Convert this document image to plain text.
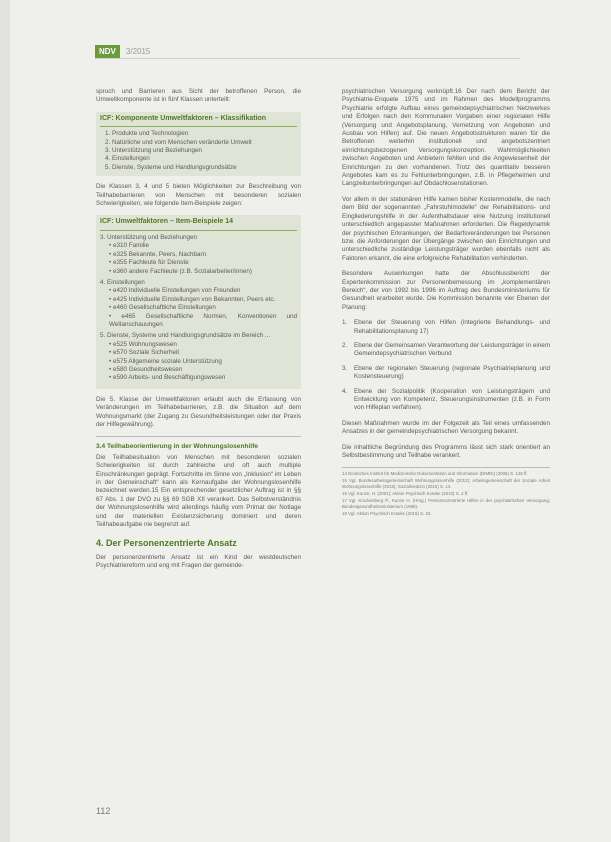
NDV	3/2015

spruch und Barrieren aus Sicht der betroffenen Person, die Umweltkomponente ist in fünf Klassen unterteilt:

ICF: Komponente Umweltfaktoren – Klassifikation
1. Produkte und Technologien
2. Natürliche und vom Menschen veränderte Umwelt
3. Unterstützung und Beziehungen
4. Einstellungen
5. Dienste, Systeme und Handlungsgrundsätze

Die Klassen 3, 4 und 5 bieten Möglichkeiten zur Beschreibung von Teilhabebarrieren von Menschen mit besonderen sozialen Schwierigkeiten, wie folgende Item-Beispiele zeigen:

ICF: Umweltfaktoren – Item-Beispiele 14
3. Unterstützung und Beziehungen
• e310 Familie
• e325 Bekannte, Peers, Nachbarn
• e355 Fachleute für Dienste
• e360 andere Fachleute (z.B. Sozialarbeiter/innen)
4. Einstellungen
• e420 Individuelle Einstellungen von Freunden
• e425 Individuelle Einstellungen von Bekannten, Peers etc.
• e460 Gesellschaftliche Einstellungen
• e465 Gesellschaftliche Normen, Konventionen und Weltanschauungen
5. Dienste, Systeme und Handlungsgrundsätze im Bereich ...
• e525 Wohnungswesen
• e570 Soziale Sicherheit
• e575 Allgemeine soziale Unterstützung
• e580 Gesundheitswesen
• e590 Arbeits- und Beschäftigungswesen

Die 5. Klasse der Umweltfaktoren erlaubt auch die Erfassung von Veränderungen im Teilhabebarrieren, z.B. die Situation auf dem Wohnungsmarkt (der Zugang zu Gesundheitsleistungen oder der Praxis der Hilfegewährung).

3.4 Teilhabeorientierung in der Wohnungslosenhilfe

Die Teilhabesituation von Menschen mit besonderen sozialen Schwierigkeiten ist durch zahlreiche und oft auch multiple Einschränkungen geprägt. Fortschritte im Sinne von „Inklusion“ im Leben in der Gemeinschaft“ kann als Kernaufgabe der Wohnungslosenhilfe bezeichnet werden.15 Ein entsprechender gesetzlicher Auftrag ist in §§ 67 Abs. 1 der DVO zu §§ 69 SGB XII verankert. Das Selbstverständnis der Wohnungslosenhilfe wird allerdings häufig vom Primat der Notlage und der materiellen Existenzsicherung dominiert und deren Teilhabeaufgabe nie begrenzt auf.

4. Der Personenzentrierte Ansatz

Der personenzentrierte Ansatz ist ein Kind der westdeutschen Psychiatriereform und eng mit Fragen der gemeinde-

psychiatrischen Versorgung verknüpft.16 Der nach dem Bericht der Psychiatrie-Enquete 1975 und im Rahmen des Modellprogramms Psychiatrie erfolgte Aufbau eines gemeindepsychiatrischen Netzwerkes und Erfolgen nach den Kommunalen Vorgaben einer regionalen Hilfe (Versorgung und Angebotsplanung, Vernetzung von Angeboten und Ausbau von Hilfen) auf. Die neuen Angebotsstrukturen waren für die Betroffenen weiterhin institutionell und angebotszentriert einrichtungsbezogenen Versorgungskonzeption. Wahlmöglichkeiten zwischen Angeboten und Anbietern fehlten und die Angewiesenheit der Einrichtungen zu den vorhandenen. Trotz des quantitativ besseren Angebotes kam es zu Fehlunterbringungen, z.B. in Pflegeheimen und Langzeitunterbringungen auf Obdachlosenstationen.

Vor allem in der stationären Hilfe kamen bisher Kostenmodelle, die nach dem Bild der sogenannten „Fahrstuhlmodelle“ der Rehabilitations- und Eingliederungshilfe in der Aufenthaltsdauer eine Nutzung institutionell unterschiedlich angepasster Maßnahmen erforderten. Die Regeldynamik der psychischen Erkrankungen, der Bedarfsveränderungen bei Personen bzw. die Anforderungen der Übergänge zwischen den Einrichtungen und unterschiedliche zuständige Leistungsträger wurden ebenfalls nicht als Faktoren erkannt, die eine erfolgreiche Rehabilitation verhinderten.

Besondere Auswirkungen hatte der Abschlussbericht der Expertenkommission zur Personenbemessung im „komplementären Bereich“, der von 1992 bis 1996 im Auftrag des Bundesministeriums für Gesundheit erarbeitet wurde. Die Kommission benannte vier Ebenen der Planung:

1.	Ebene der Steuerung von Hilfen (integrierte Behandlungs- und Rehabilitationsplanung 17)
2.	Ebene der Gemeinsamen Verantwortung der Leistungsträger in einem Gemeindepsychiatrischen Verbund
3.	Ebene der regionalen Steuerung (regionale Psychiatrieplanung und Kostensteuerung)
4.	Ebene der Sozialpolitik (Kooperation von Leistungsträgern und Entwicklung von Kompetenz, Steuerungsinstrumenten (z.B. in Form von Hilfeplan verfahren).

Diesen Maßnahmen wurde im der Folgezeit als Teil eines umfassenden Ansatzes in der gemeindepsychiatrischen Versorgung bekannt.

Die inhaltliche Begründung des Programms lässt sich stark orientiert an Selbstbestimmung und Teilhabe verankert.

14 Deutsches Institut für Medizinische Dokumentation und Information (DIMDI) (2005) S. 126 ff.
15 Vgl. Bundesarbeitsgemeinschaft Wohnungslosenhilfe (2012); Arbeitsgemeinschaft der Soziale Arbeit Wohnungslosenhilfe (2015); Sozialmedizin (2015) S. 14.
16 Vgl. Kunze, H. (2001); Aktion Psychisch Kranke (2010) S. 4 ff.
17 Vgl. Kruckenberg P., Kunze H. (Hrsg.) Personenzentrierte Hilfen in der psychiatrischen Versorgung; Bundesgesundheitsministerium (1999).
18 Vgl. Aktion Psychisch Kranke (2015) S. 23.
112
